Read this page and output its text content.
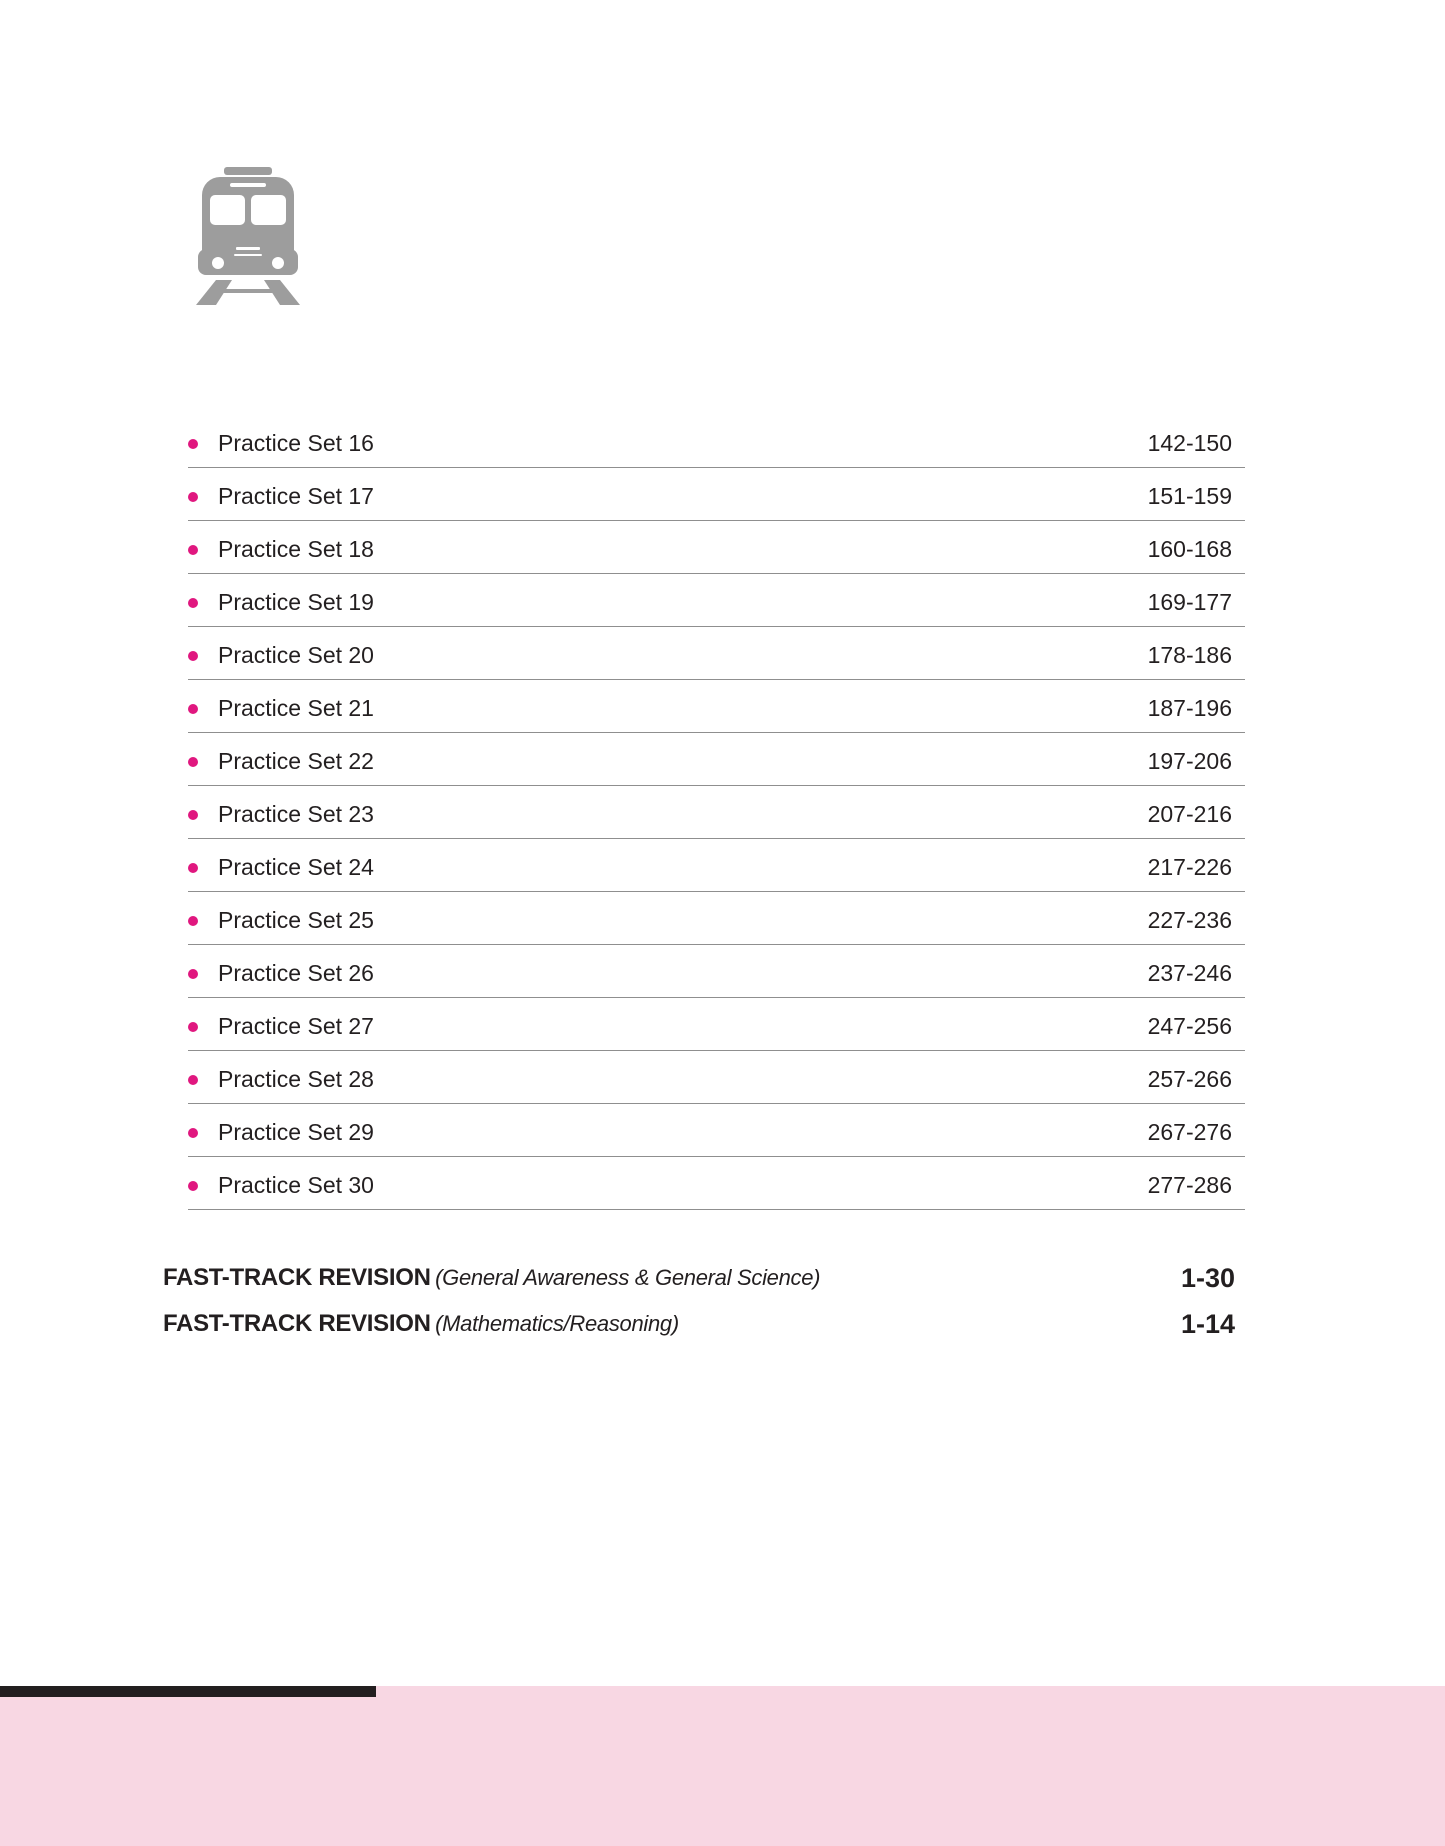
Practice Set 16	142-150
Practice Set 17	151-159
Practice Set 18	160-168
Practice Set 19	169-177
Practice Set 20	178-186
Practice Set 21	187-196
Practice Set 22	197-206
Practice Set 23	207-216
Practice Set 24	217-226
Practice Set 25	227-236
Practice Set 26	237-246
Practice Set 27	247-256
Practice Set 28	257-266
Practice Set 29	267-276
Practice Set 30	277-286
FAST-TRACK REVISION (General Awareness & General Science)	1-30
FAST-TRACK REVISION (Mathematics/Reasoning)	1-14
